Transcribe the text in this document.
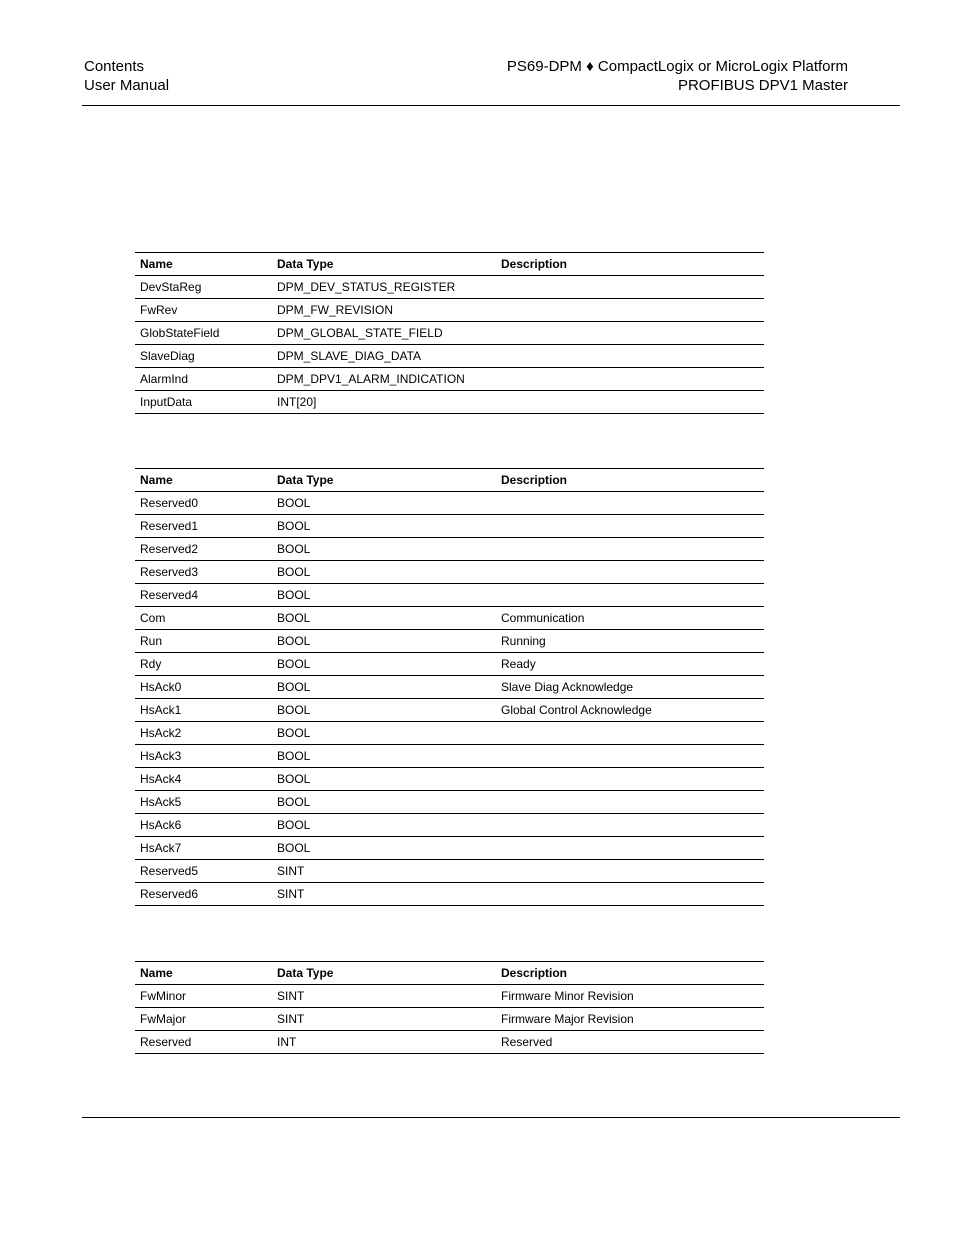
Contents
User Manual
PS69-DPM ♦ CompactLogix or MicroLogix Platform
PROFIBUS DPV1 Master
Name	Data Type	Description
DevStaReg	DPM_DEV_STATUS_REGISTER	
FwRev	DPM_FW_REVISION	
GlobStateField	DPM_GLOBAL_STATE_FIELD	
SlaveDiag	DPM_SLAVE_DIAG_DATA	
AlarmInd	DPM_DPV1_ALARM_INDICATION	
InputData	INT[20]	
Name	Data Type	Description
Reserved0	BOOL	
Reserved1	BOOL	
Reserved2	BOOL	
Reserved3	BOOL	
Reserved4	BOOL	
Com	BOOL	Communication
Run	BOOL	Running
Rdy	BOOL	Ready
HsAck0	BOOL	Slave Diag Acknowledge
HsAck1	BOOL	Global Control Acknowledge
HsAck2	BOOL	
HsAck3	BOOL	
HsAck4	BOOL	
HsAck5	BOOL	
HsAck6	BOOL	
HsAck7	BOOL	
Reserved5	SINT	
Reserved6	SINT	
Name	Data Type	Description
FwMinor	SINT	Firmware Minor Revision
FwMajor	SINT	Firmware Major Revision
Reserved	INT	Reserved
